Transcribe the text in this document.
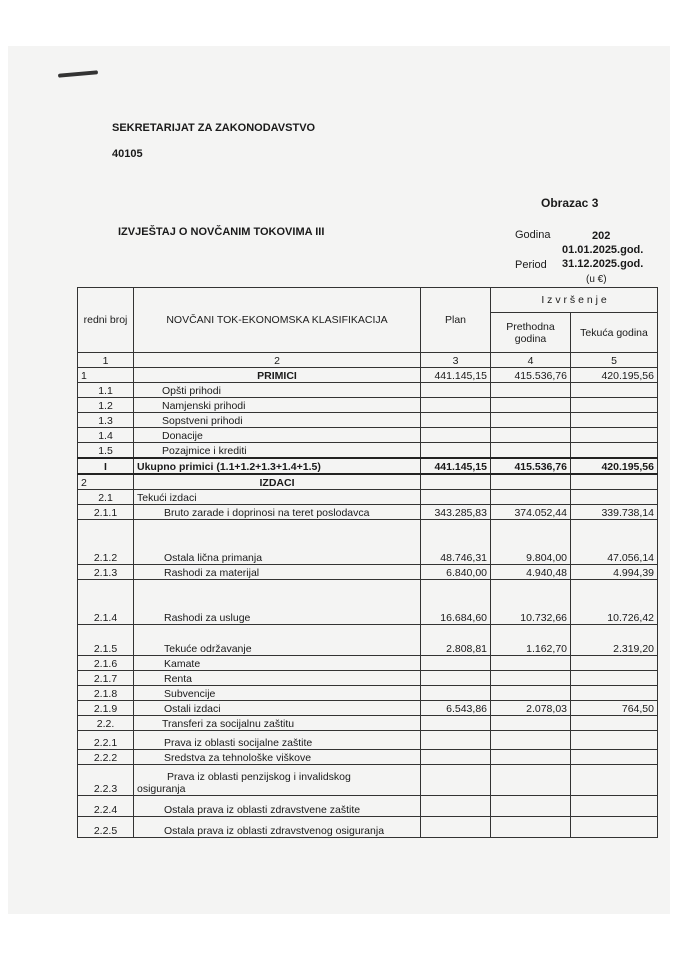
SEKRETARIJAT ZA ZAKONODAVSTVO
40105
Obrazac 3
IZVJEŠTAJ O NOVČANIM TOKOVIMA III	Godina	202
01.01.2025.god.
Period 31.12.2025.god.
(u €)
redni broj	NOVČANI TOK-EKONOMSKA KLASIFIKACIJA	Plan	I z v r š e n j e	
			Prethodna godina	Tekuća godina
1	2	3	4	5
1	PRIMICI	441.145,15	415.536,76	420.195,56
1.1	Opšti prihodi			
1.2	Namjenski prihodi			
1.3	Sopstveni prihodi			
1.4	Donacije			
1.5	Pozajmice i krediti			
I	Ukupno primici (1.1+1.2+1.3+1.4+1.5)	441.145,15	415.536,76	420.195,56
2	IZDACI			
2.1	Tekući izdaci			
2.1.1	Bruto zarade i doprinosi na teret poslodavca	343.285,83	374.052,44	339.738,14
2.1.2	Ostala lična primanja	48.746,31	9.804,00	47.056,14
2.1.3	Rashodi za materijal	6.840,00	4.940,48	4.994,39
2.1.4	Rashodi za usluge	16.684,60	10.732,66	10.726,42
2.1.5	Tekuće održavanje	2.808,81	1.162,70	2.319,20
2.1.6	Kamate			
2.1.7	Renta			
2.1.8	Subvencije			
2.1.9	Ostali izdaci	6.543,86	2.078,03	764,50
2.2.	Transferi za socijalnu zaštitu			
2.2.1	Prava iz oblasti socijalne zaštite			
2.2.2	Sredstva za tehnološke viškove			
2.2.3	Prava iz oblasti penzijskog i invalidskog
osiguranja			

2.2.4	Ostala prava iz oblasti zdravstvene zaštite			
2.2.5	Ostala prava iz oblasti zdravstvenog osiguranja			
